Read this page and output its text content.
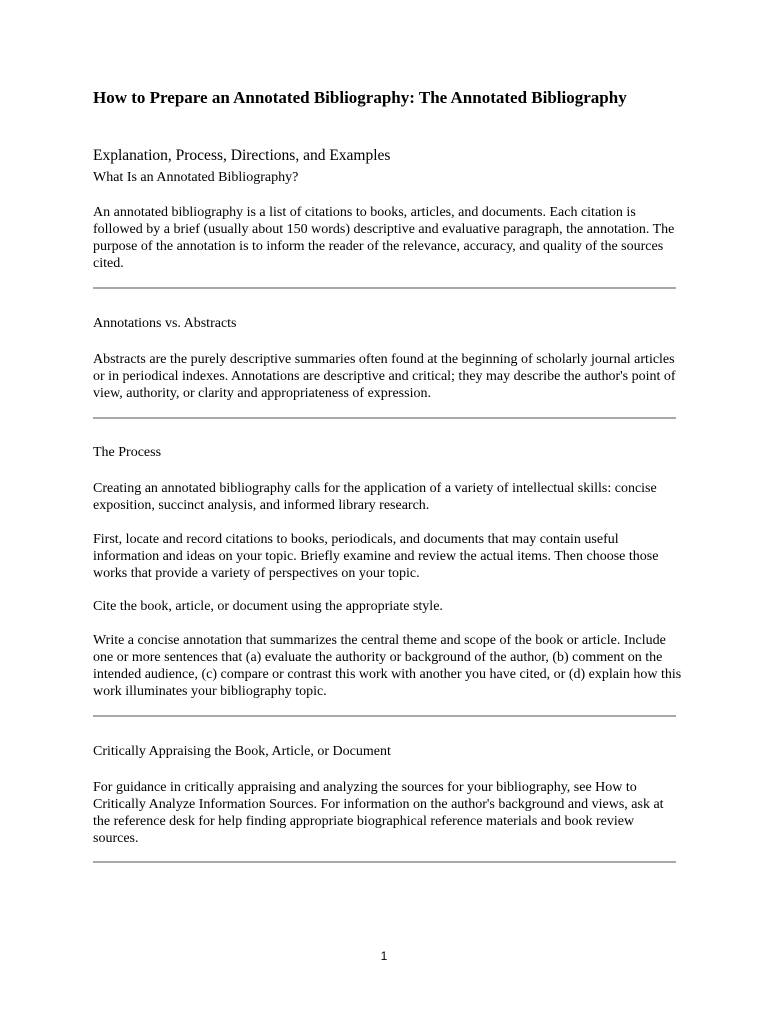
How to Prepare an Annotated Bibliography: The Annotated Bibliography
Explanation, Process, Directions, and Examples
What Is an Annotated Bibliography?
An annotated bibliography is a list of citations to books, articles, and documents. Each citation is followed by a brief (usually about 150 words) descriptive and evaluative paragraph, the annotation. The purpose of the annotation is to inform the reader of the relevance, accuracy, and quality of the sources cited.
Annotations vs. Abstracts
Abstracts are the purely descriptive summaries often found at the beginning of scholarly journal articles or in periodical indexes. Annotations are descriptive and critical; they may describe the author's point of view, authority, or clarity and appropriateness of expression.
The Process
Creating an annotated bibliography calls for the application of a variety of intellectual skills: concise exposition, succinct analysis, and informed library research.
First, locate and record citations to books, periodicals, and documents that may contain useful information and ideas on your topic. Briefly examine and review the actual items. Then choose those works that provide a variety of perspectives on your topic.
Cite the book, article, or document using the appropriate style.
Write a concise annotation that summarizes the central theme and scope of the book or article. Include one or more sentences that (a) evaluate the authority or background of the author, (b) comment on the intended audience, (c) compare or contrast this work with another you have cited, or (d) explain how this work illuminates your bibliography topic.
Critically Appraising the Book, Article, or Document
For guidance in critically appraising and analyzing the sources for your bibliography, see How to Critically Analyze Information Sources. For information on the author's background and views, ask at the reference desk for help finding appropriate biographical reference materials and book review sources.
1
